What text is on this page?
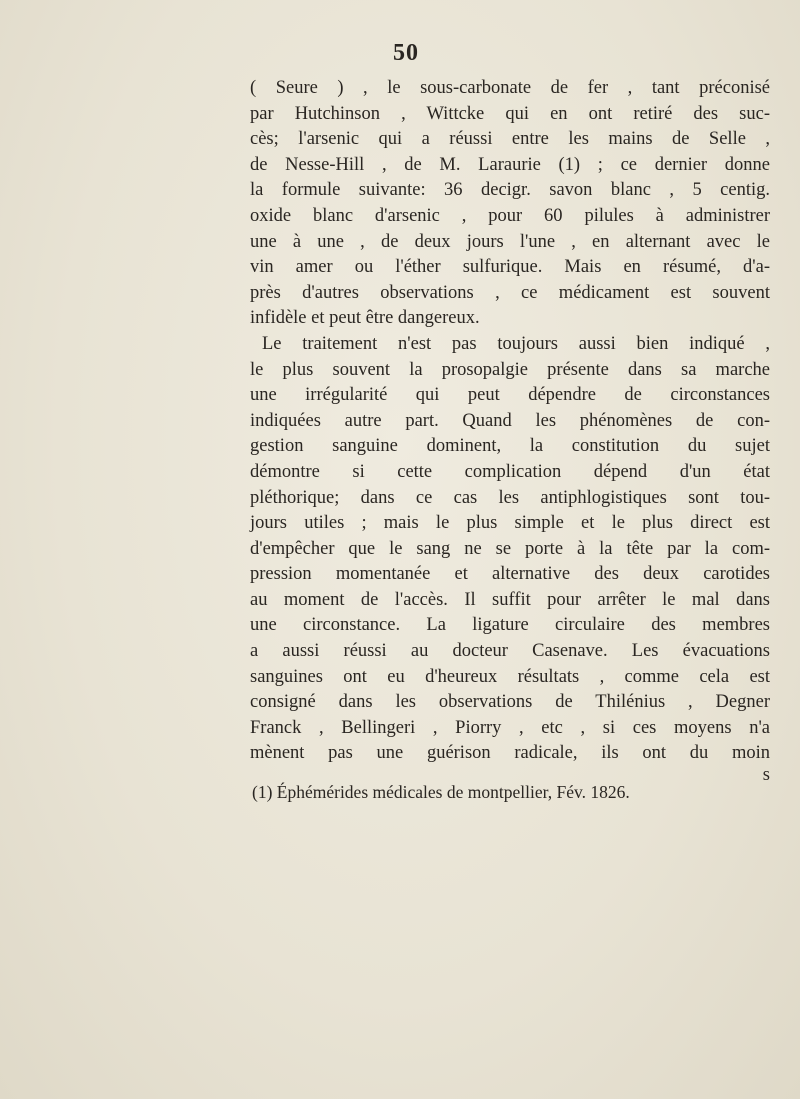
50
( Seure ) , le sous-carbonate de fer , tant préconisé
par Hutchinson , Wittcke qui en ont retiré des suc-
cès; l'arsenic qui a réussi entre les mains de Selle ,
de Nesse-Hill , de M. Laraurie (1) ; ce dernier donne
la formule suivante: 36 decigr. savon blanc , 5 centig.
oxide blanc d'arsenic , pour 60 pilules à administrer
une à une , de deux jours l'une , en alternant avec le
vin amer ou l'éther sulfurique. Mais en résumé, d'a-
près d'autres observations , ce médicament est souvent
infidèle et peut être dangereux.
Le traitement n'est pas toujours aussi bien indiqué ,
le plus souvent la prosopalgie présente dans sa marche
une irrégularité qui peut dépendre de circonstances
indiquées autre part. Quand les phénomènes de con-
gestion sanguine dominent, la constitution du sujet
démontre si cette complication dépend d'un état
pléthorique; dans ce cas les antiphlogistiques sont tou-
jours utiles ; mais le plus simple et le plus direct est
d'empêcher que le sang ne se porte à la tête par la com-
pression momentanée et alternative des deux carotides
au moment de l'accès. Il suffit pour arrêter le mal dans
une circonstance. La ligature circulaire des membres
a aussi réussi au docteur Casenave. Les évacuations
sanguines ont eu d'heureux résultats , comme cela est
consigné dans les observations de Thilénius , Degner
Franck , Bellingeri , Piorry , etc , si ces moyens n'a
mènent pas une guérison radicale, ils ont du moin
s
(1) Éphémérides médicales de montpellier, Fév. 1826.
